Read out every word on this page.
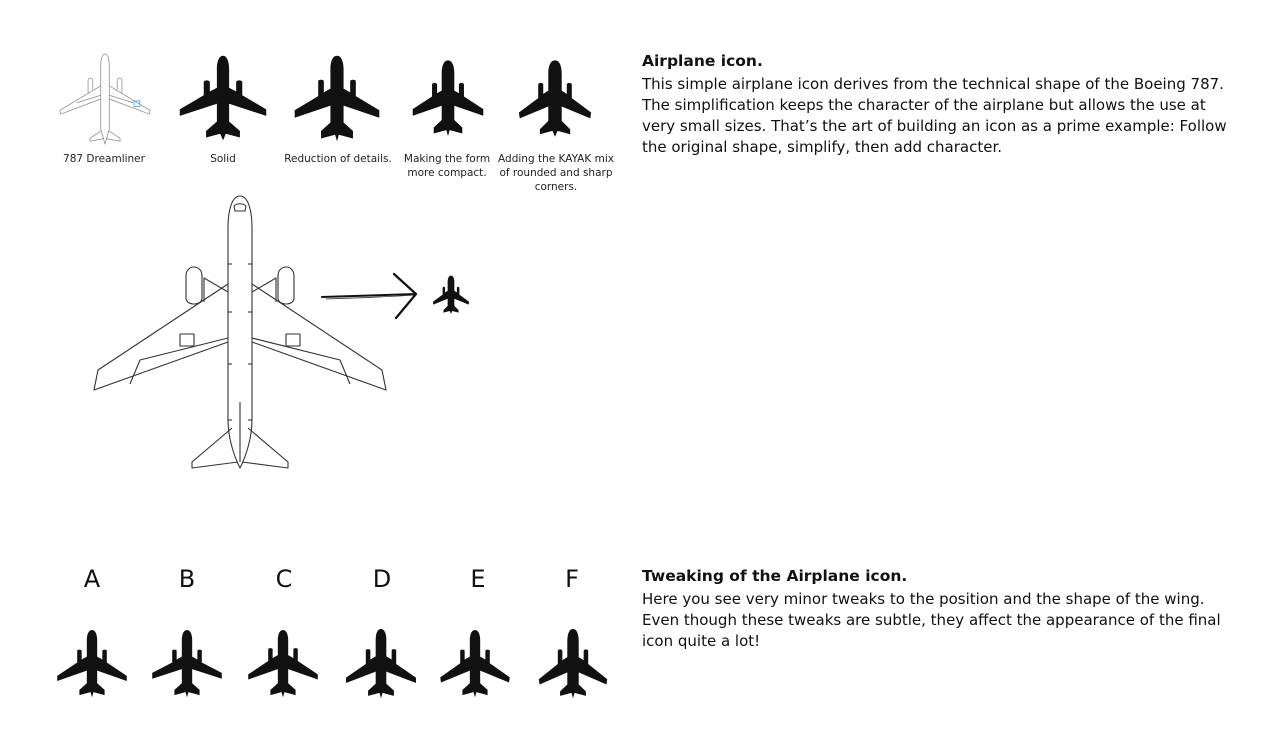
787 Dreamliner	Solid	Reduction of details.	Making the form more compact.
Adding the KAYAK mix of rounded and sharp corners.
Airplane icon.
This simple airplane icon derives from the technical shape of the Boeing 787. The simplification keeps the character of the airplane but allows the use at very small sizes. That’s the art of building an icon as a prime example: Follow the original shape, simplify, then add character.
A	B	C	D	E	F	Tweaking of the Airplane icon.
Here you see very minor tweaks to the position and the shape of the wing. Even though these tweaks are subtle, they affect the appearance of the final icon quite a lot!
